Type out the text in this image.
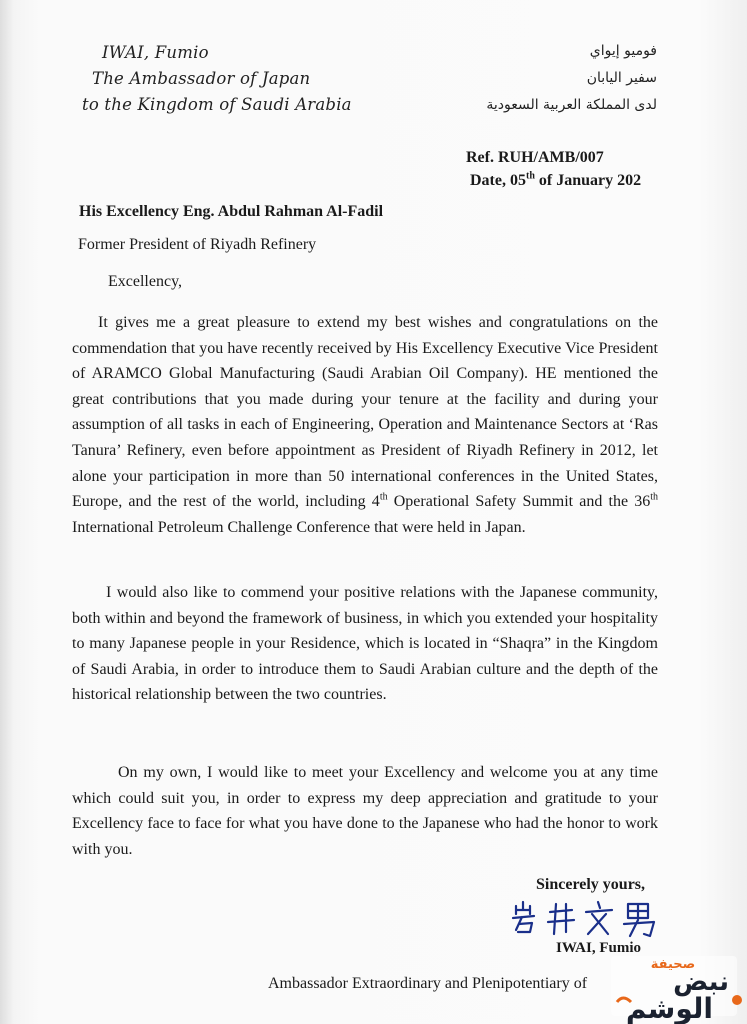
IWAI, Fumio
The Ambassador of Japan
to the Kingdom of Saudi Arabia
فوميو إيواي
سفير اليابان
لدى المملكة العربية السعودية
Ref. RUH/AMB/007
Date, 05th of January 202
His Excellency Eng. Abdul Rahman Al-Fadil
Former President of Riyadh Refinery
Excellency,
It gives me a great pleasure to extend my best wishes and congratulations on the commendation that you have recently received by His Excellency Executive Vice President of ARAMCO Global Manufacturing (Saudi Arabian Oil Company). HE mentioned the great contributions that you made during your tenure at the facility and during your assumption of all tasks in each of Engineering, Operation and Maintenance Sectors at ‘Ras Tanura’ Refinery, even before appointment as President of Riyadh Refinery in 2012, let alone your participation in more than 50 international conferences in the United States, Europe, and the rest of the world, including 4th Operational Safety Summit and the 36th International Petroleum Challenge Conference that were held in Japan.
I would also like to commend your positive relations with the Japanese community, both within and beyond the framework of business, in which you extended your hospitality to many Japanese people in your Residence, which is located in “Shaqra” in the Kingdom of Saudi Arabia, in order to introduce them to Saudi Arabian culture and the depth of the historical relationship between the two countries.
On my own, I would like to meet your Excellency and welcome you at any time which could suit you, in order to express my deep appreciation and gratitude to your Excellency face to face for what you have done to the Japanese who had the honor to work with you.
Sincerely yours,
IWAI, Fumio
Ambassador Extraordinary and Plenipotentiary of
صحيفة
نبض
الوشم
